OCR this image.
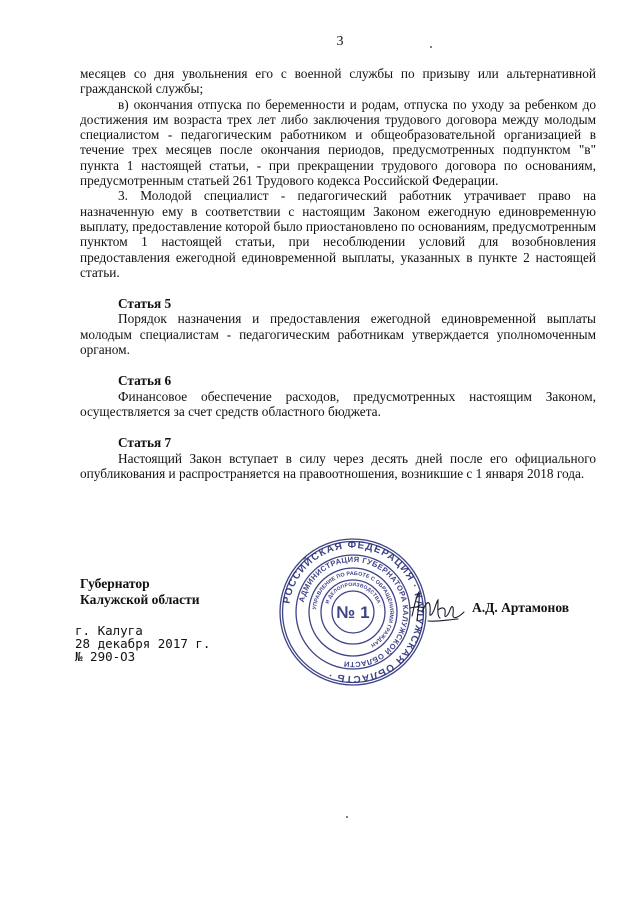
3

месяцев со дня увольнения его с военной службы по призыву или альтернативной гражданской службы;

в) окончания отпуска по беременности и родам, отпуска по уходу за ребенком до достижения им возраста трех лет либо заключения трудового договора между молодым специалистом - педагогическим работником и общеобразовательной организацией в течение трех месяцев после окончания периодов, предусмотренных подпунктом "в" пункта 1 настоящей статьи, - при прекращении трудового договора по основаниям, предусмотренным статьей 261 Трудового кодекса Российской Федерации.

3. Молодой специалист - педагогический работник утрачивает право на назначенную ему в соответствии с настоящим Законом ежегодную единовременную выплату, предоставление которой было приостановлено по основаниям, предусмотренным пунктом 1 настоящей статьи, при несоблюдении условий для возобновления предоставления ежегодной единовременной выплаты, указанных в пункте 2 настоящей статьи.

Статья 5

Порядок назначения и предоставления ежегодной единовременной выплаты молодым специалистам - педагогическим работникам утверждается уполномоченным органом.

Статья 6

Финансовое обеспечение расходов, предусмотренных настоящим Законом, осуществляется за счет средств областного бюджета.

Статья 7

Настоящий Закон вступает в силу через десять дней после его официального опубликования и распространяется на правоотношения, возникшие с 1 января 2018 года.

Губернатор
Калужской области
А.Д. Артамонов
г. Калуга
28 декабря 2017 г.
№ 290-ОЗ
РОССИЙСКАЯ ФЕДЕРАЦИЯ · КАЛУЖСКАЯ ОБЛАСТЬ ·
АДМИНИСТРАЦИЯ ГУБЕРНАТОРА КАЛУЖСКОЙ ОБЛАСТИ
УПРАВЛЕНИЕ ПО РАБОТЕ С ОБРАЩЕНИЯМИ ГРАЖДАН
И ДЕЛОПРОИЗВОДСТВА ·
№ 1
